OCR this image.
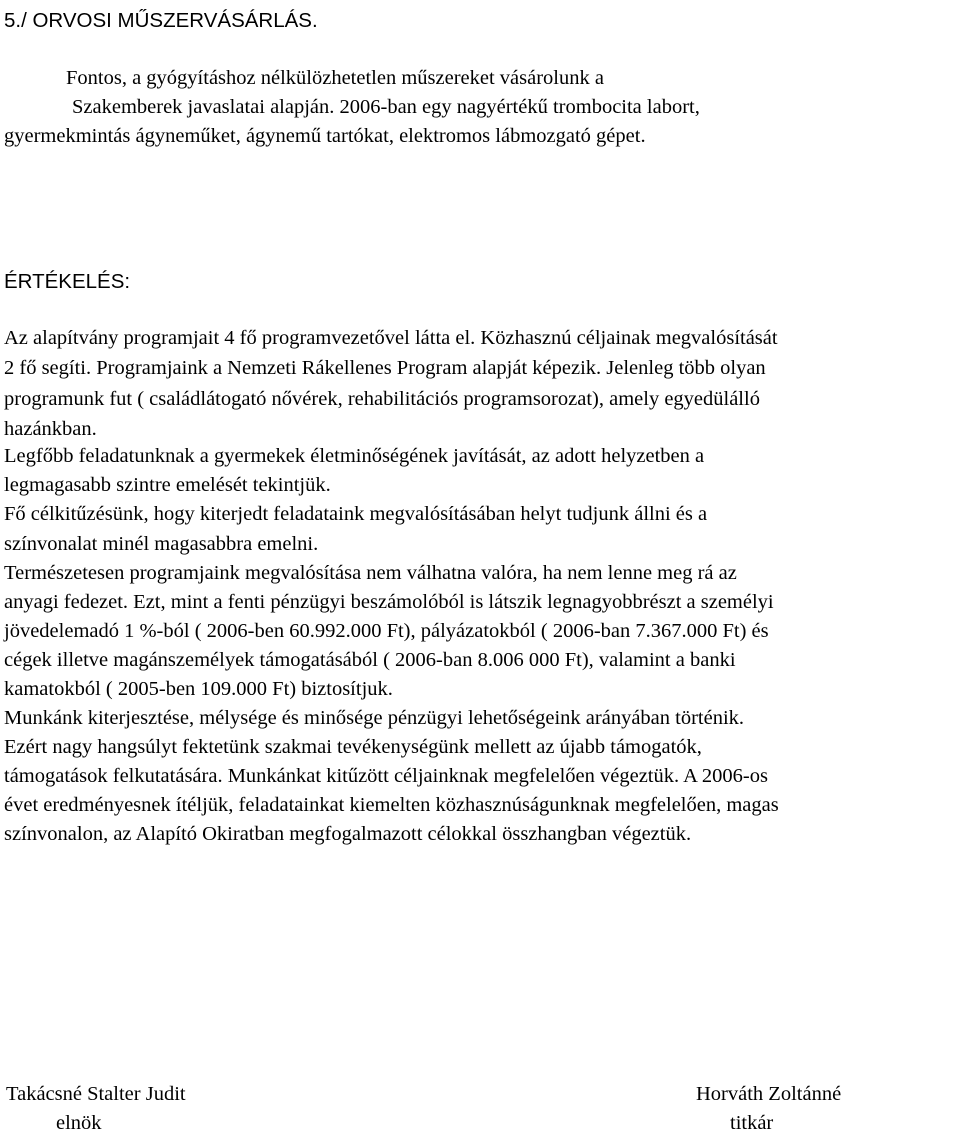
5./ ORVOSI MŰSZERVÁSÁRLÁS.
Fontos, a gyógyításhoz nélkülözhetetlen műszereket vásárolunk a
Szakemberek javaslatai alapján. 2006-ban egy nagyértékű trombocita labort,
gyermekmintás ágyneműket, ágynemű tartókat, elektromos lábmozgató gépet.
ÉRTÉKELÉS:
Az alapítvány programjait 4 fő programvezetővel látta el. Közhasznú céljainak megvalósítását
2 fő segíti. Programjaink a Nemzeti Rákellenes Program alapját képezik. Jelenleg több olyan
programunk fut ( családlátogató nővérek, rehabilitációs programsorozat), amely egyedülálló
hazánkban.
Legfőbb feladatunknak a gyermekek életminőségének javítását, az adott helyzetben a
legmagasabb szintre emelését tekintjük.
Fő célkitűzésünk, hogy kiterjedt feladataink megvalósításában helyt tudjunk állni és a
színvonalat minél magasabbra emelni.
Természetesen programjaink megvalósítása nem válhatna valóra, ha nem lenne meg rá az
anyagi fedezet. Ezt, mint a fenti pénzügyi beszámolóból is látszik legnagyobbrészt a személyi
jövedelemadó 1 %-ból ( 2006-ben 60.992.000 Ft), pályázatokból ( 2006-ban 7.367.000 Ft) és
cégek illetve magánszemélyek támogatásából ( 2006-ban 8.006 000 Ft), valamint a banki
kamatokból ( 2005-ben 109.000 Ft) biztosítjuk.
Munkánk kiterjesztése, mélysége és minősége pénzügyi lehetőségeink arányában történik.
Ezért nagy hangsúlyt fektetünk szakmai tevékenységünk mellett az újabb támogatók,
támogatások felkutatására. Munkánkat kitűzött céljainknak megfelelően végeztük. A 2006-os
évet eredményesnek ítéljük, feladatainkat kiemelten közhasznúságunknak megfelelően, magas
színvonalon, az Alapító Okiratban megfogalmazott célokkal összhangban végeztük.
Takácsné Stalter Judit
elnök
Horváth Zoltánné
titkár
